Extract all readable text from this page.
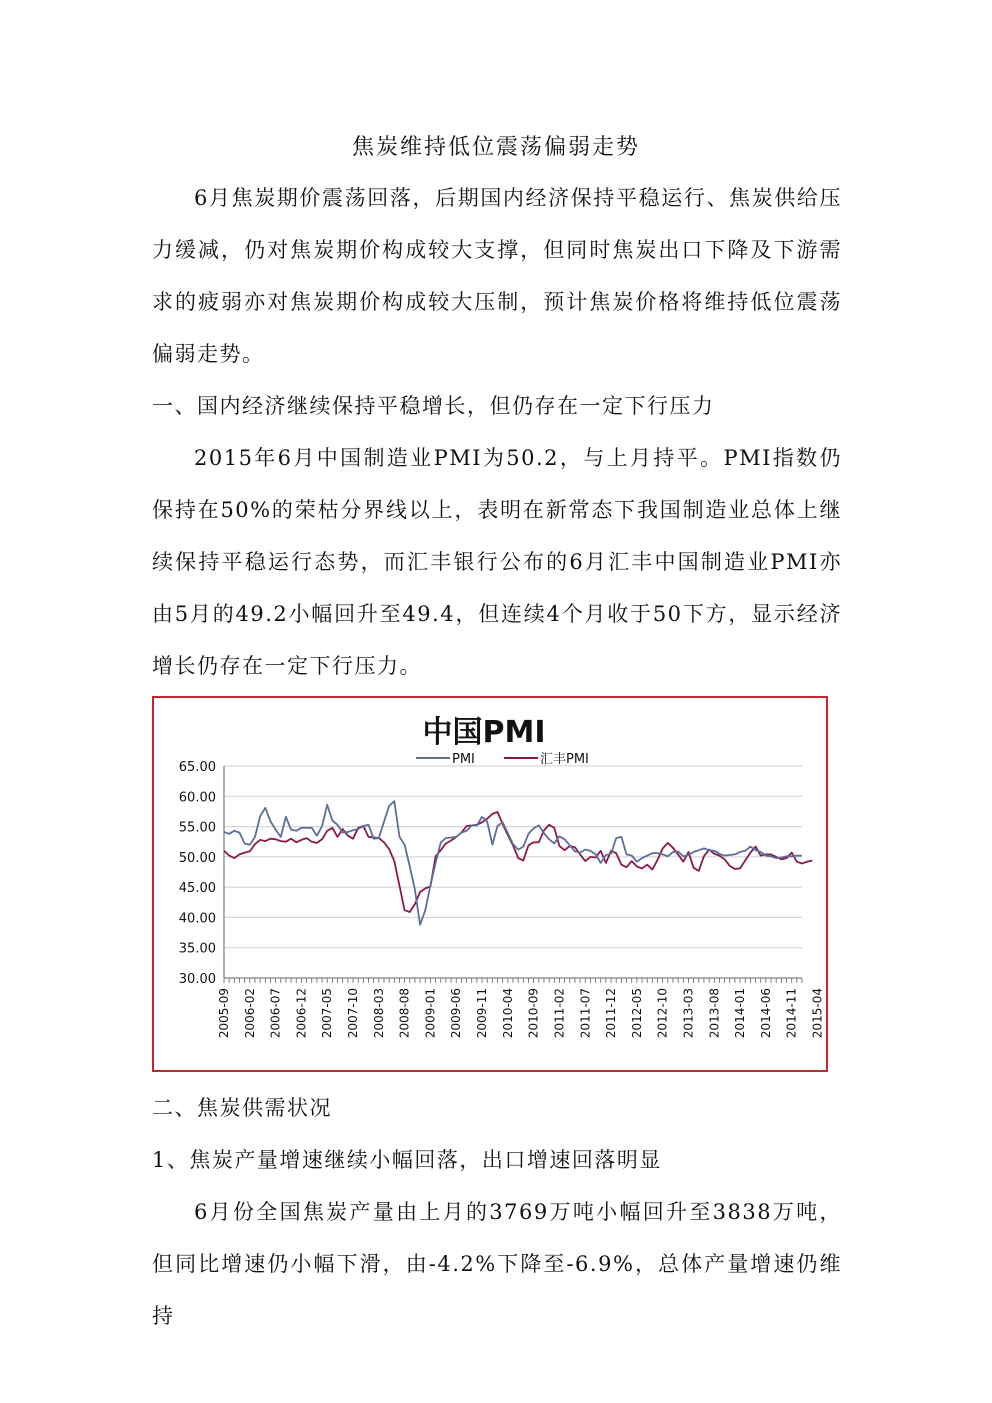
焦炭维持低位震荡偏弱走势

6月焦炭期价震荡回落，后期国内经济保持平稳运行、焦炭供给压力缓减，仍对焦炭期价构成较大支撑，但同时焦炭出口下降及下游需求的疲弱亦对焦炭期价构成较大压制，预计焦炭价格将维持低位震荡偏弱走势。

一、国内经济继续保持平稳增长，但仍存在一定下行压力

2015年6月中国制造业PMI为50.2，与上月持平。PMI指数仍保持在50%的荣枯分界线以上，表明在新常态下我国制造业总体上继续保持平稳运行态势，而汇丰银行公布的6月汇丰中国制造业PMI亦由5月的49.2小幅回升至49.4，但连续4个月收于50下方，显示经济增长仍存在一定下行压力。

65.00
60.00
55.00
50.00
45.00
40.00
35.00
30.00
2005-09 2006-02 2006-07 2006-12 2007-05 2007-10 2008-03 2008-08 2009-01 2009-06 2009-11 2010-04 2010-09 2011-02 2011-07 2011-12 2012-05 2012-10 2013-03 2013-08 2014-01 2014-06 2014-11 2015-04
PMI	汇丰PMI
中国PMI
二、焦炭供需状况
1、焦炭产量增速继续小幅回落，出口增速回落明显

6月份全国焦炭产量由上月的3769万吨小幅回升至3838万吨，但同比增速仍小幅下滑，由-4.2%下降至-6.9%，总体产量增速仍维持
